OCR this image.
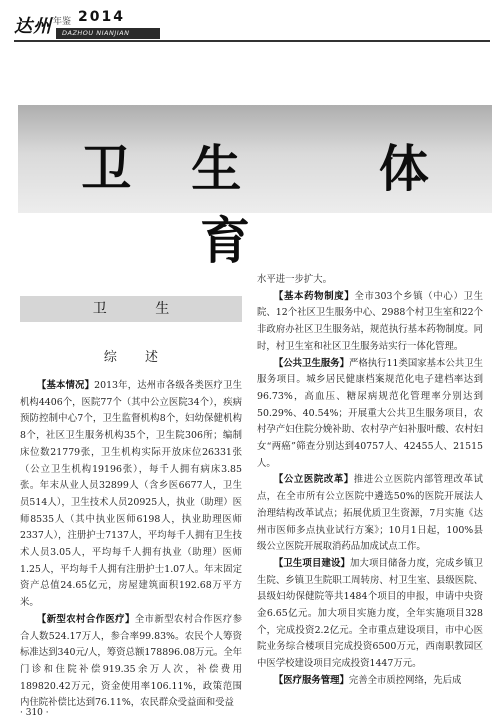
达州 年鉴 2014
DAZHOU NIANJIAN
卫生 体育
卫 生
综 述

【基本情况】2013年，达州市各级各类医疗卫生机构4406个，医院77个（其中公立医院34个），疾病预防控制中心7个，卫生监督机构8个，妇幼保健机构8个，社区卫生服务机构35个，卫生院306所；编制床位数21779张，卫生机构实际开放床位26331张（公立卫生机构19196张），每千人拥有病床3.85张。年末从业人员32899人（含乡医6677人，卫生员514人），卫生技术人员20925人，执业（助理）医师8535人（其中执业医师6198人，执业助理医师2337人），注册护士7137人，平均每千人拥有卫生技术人员3.05人，平均每千人拥有执业（助理）医师1.25人，平均每千人拥有注册护士1.07人。年末固定资产总值24.65亿元，房屋建筑面积192.68万平方米。

【新型农村合作医疗】全市新型农村合作医疗参合人数524.17万人，参合率99.83%。农民个人筹资标准达到340元/人，筹资总额178896.08万元。全年门诊和住院补偿919.35余万人次，补偿费用189820.42万元，资金使用率106.11%，政策范围内住院补偿比达到76.11%，农民群众受益面和受益

水平进一步扩大。

【基本药物制度】全市303个乡镇（中心）卫生院、12个社区卫生服务中心、2988个村卫生室和22个非政府办社区卫生服务站，规范执行基本药物制度。同时，村卫生室和社区卫生服务站实行一体化管理。

【公共卫生服务】严格执行11类国家基本公共卫生服务项目。城乡居民健康档案规范化电子建档率达到96.73%，高血压、糖尿病规范化管理率分别达到50.29%、40.54%；开展重大公共卫生服务项目，农村孕产妇住院分娩补助、农村孕产妇补服叶酸、农村妇女“两癌”筛查分别达到40757人、42455人、21515人。

【公立医院改革】推进公立医院内部管理改革试点，在全市所有公立医院中遴选50%的医院开展法人治理结构改革试点；拓展优质卫生资源，7月实施《达州市医师多点执业试行方案》；10月1日起，100%县级公立医院开展取消药品加成试点工作。

【卫生项目建设】加大项目储备力度，完成乡镇卫生院、乡镇卫生院职工周转房、村卫生室、县级医院、县级妇幼保健院等共1484个项目的申报，申请中央资金6.65亿元。加大项目实施力度，全年实施项目328个，完成投资2.2亿元。全市重点建设项目，市中心医院业务综合楼项目完成投资6500万元，西南职教园区中医学校建设项目完成投资1447万元。

【医疗服务管理】完善全市质控网络，先后成

· 310 ·
